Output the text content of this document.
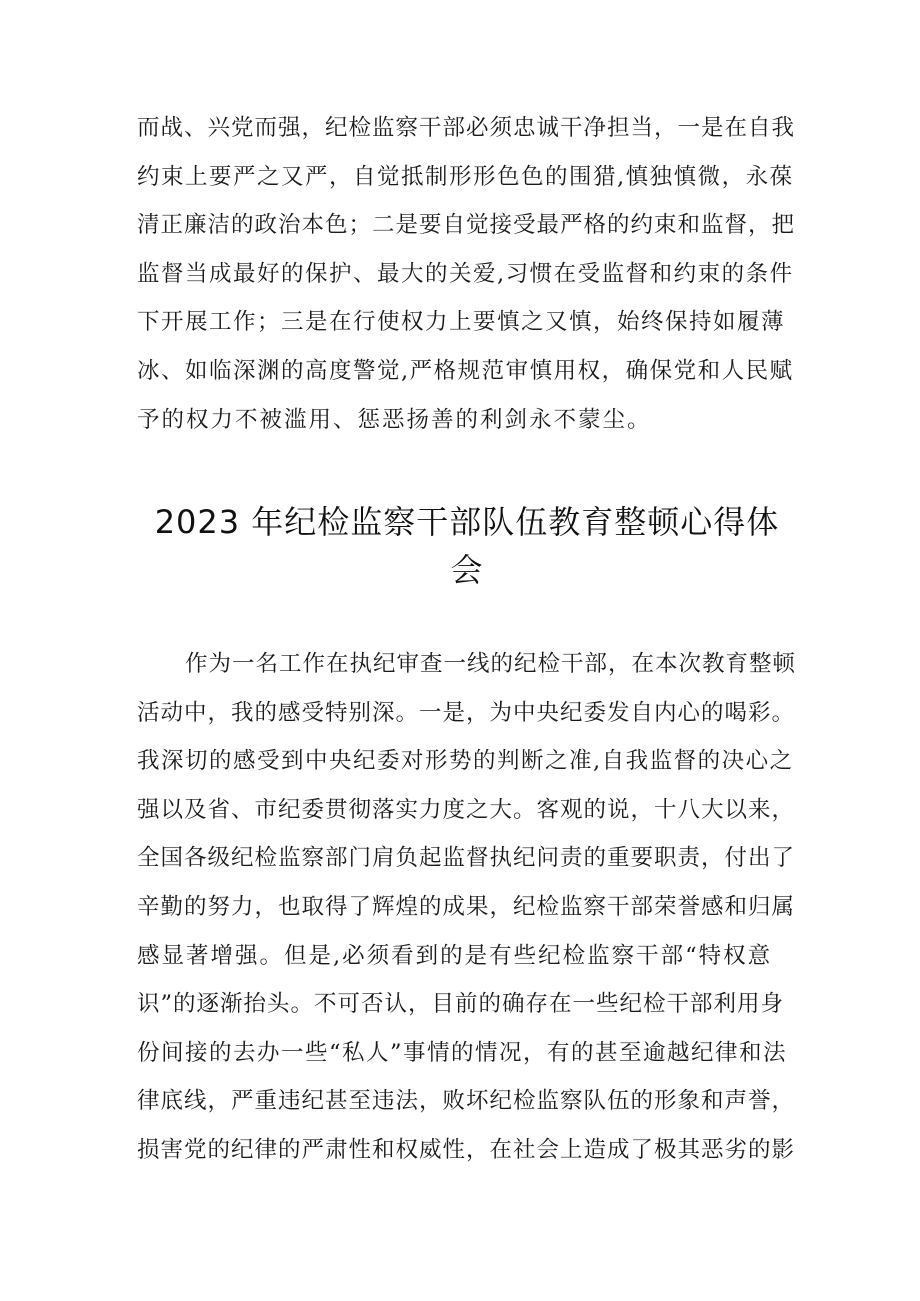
而战、兴党而强，纪检监察干部必须忠诚干净担当，一是在自我
约束上要严之又严，自觉抵制形形色色的围猎,慎独慎微，永葆
清正廉洁的政治本色；二是要自觉接受最严格的约束和监督，把
监督当成最好的保护、最大的关爱,习惯在受监督和约束的条件
下开展工作；三是在行使权力上要慎之又慎，始终保持如履薄
冰、如临深渊的高度警觉,严格规范审慎用权，确保党和人民赋
予的权力不被滥用、惩恶扬善的利剑永不蒙尘。
2023 年纪检监察干部队伍教育整顿心得体
会
作为一名工作在执纪审查一线的纪检干部，在本次教育整顿
活动中，我的感受特别深。一是，为中央纪委发自内心的喝彩。
我深切的感受到中央纪委对形势的判断之准,自我监督的决心之
强以及省、市纪委贯彻落实力度之大。客观的说，十八大以来，
全国各级纪检监察部门肩负起监督执纪问责的重要职责，付出了
辛勤的努力，也取得了辉煌的成果，纪检监察干部荣誉感和归属
感显著增强。但是,必须看到的是有些纪检监察干部“特权意
识”的逐渐抬头。不可否认，目前的确存在一些纪检干部利用身
份间接的去办一些“私人”事情的情况，有的甚至逾越纪律和法
律底线，严重违纪甚至违法，败坏纪检监察队伍的形象和声誉，
损害党的纪律的严肃性和权威性，在社会上造成了极其恶劣的影
